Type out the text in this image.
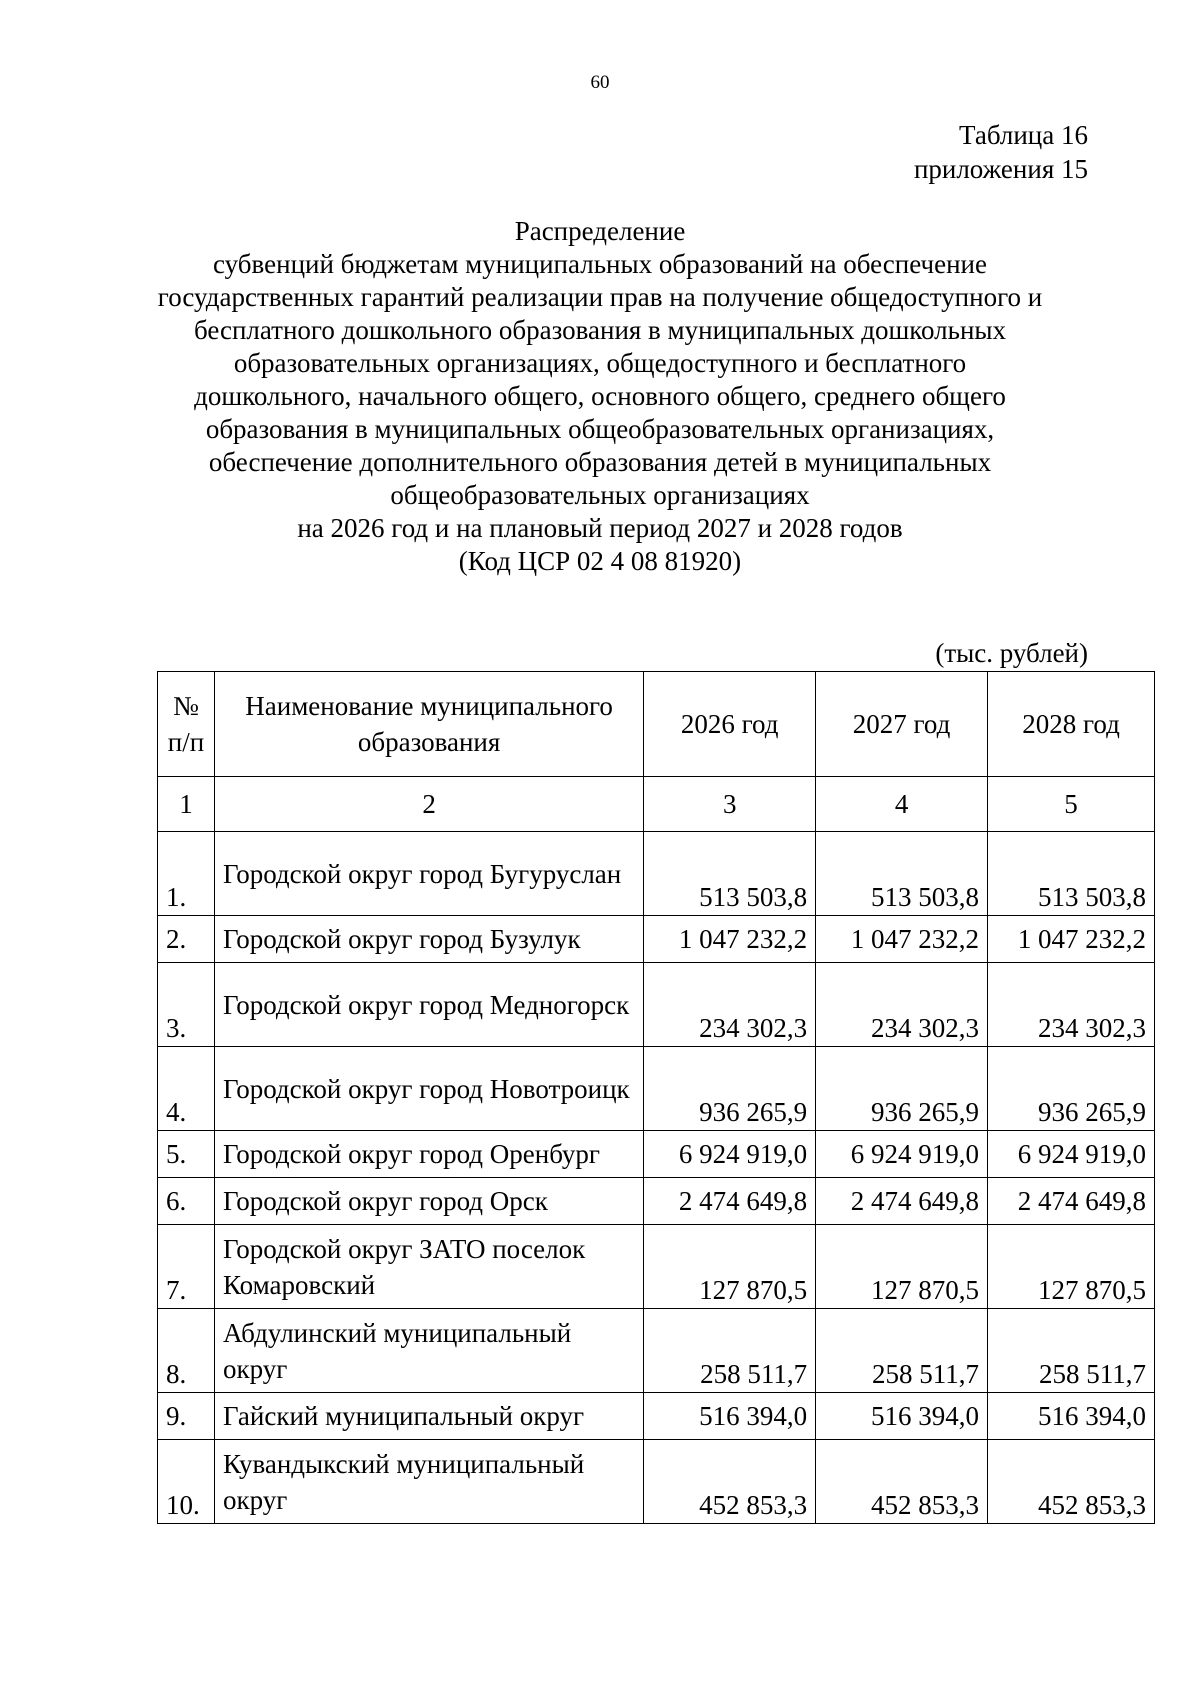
60
Таблица 16
приложения 15
Распределение
субвенций бюджетам муниципальных образований на обеспечение
государственных гарантий реализации прав на получение общедоступного и
бесплатного дошкольного образования в муниципальных дошкольных
образовательных организациях, общедоступного и бесплатного
дошкольного, начального общего, основного общего, среднего общего
образования в муниципальных общеобразовательных организациях,
обеспечение дополнительного образования детей в муниципальных
общеобразовательных организациях
на 2026 год и на плановый период 2027 и 2028 годов
(Код ЦСР 02 4 08 81920)
(тыс. рублей)
№ п/п	Наименование муниципального образования	2026 год	2027 год	2028 год
1	2	3	4	5
1.	Городской округ город Бугуруслан	513 503,8	513 503,8	513 503,8
2.	Городской округ город Бузулук	1 047 232,2	1 047 232,2	1 047 232,2
3.	Городской округ город Медногорск	234 302,3	234 302,3	234 302,3
4.	Городской округ город Новотроицк	936 265,9	936 265,9	936 265,9
5.	Городской округ город Оренбург	6 924 919,0	6 924 919,0	6 924 919,0
6.	Городской округ город Орск	2 474 649,8	2 474 649,8	2 474 649,8
7.	Городской округ ЗАТО поселок Комаровский	127 870,5	127 870,5	127 870,5
8.	Абдулинский муниципальный округ	258 511,7	258 511,7	258 511,7
9.	Гайский муниципальный округ	516 394,0	516 394,0	516 394,0
10.	Кувандыкский муниципальный округ	452 853,3	452 853,3	452 853,3
